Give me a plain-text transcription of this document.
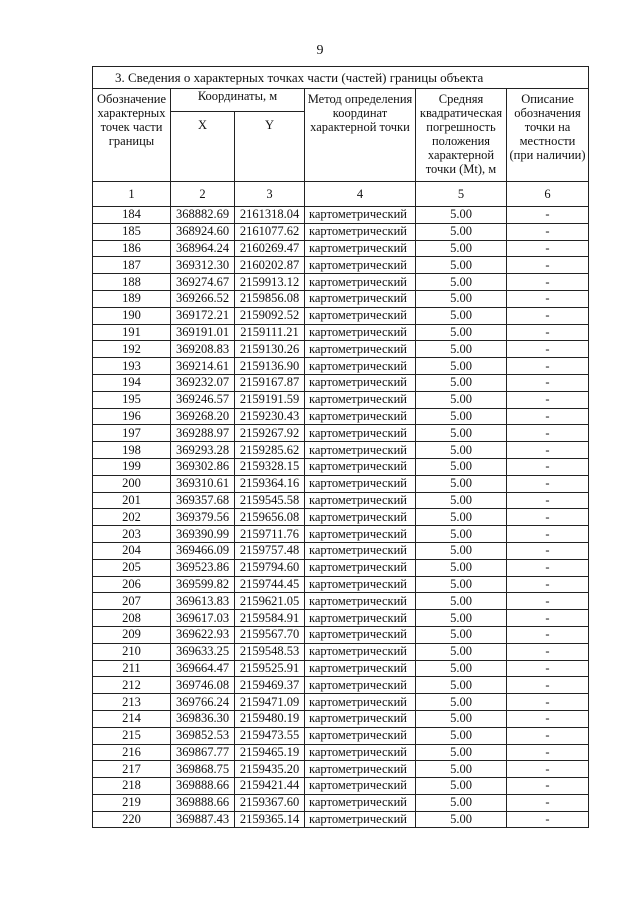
9
3. Сведения о характерных точках части (частей) границы объекта					
Обозначение характерных точек части границы	Координаты, м		Метод определения координат характерной точки	Средняя квадратическая погрешность положения характерной точки (Mt), м	Описание обозначения точки на местности (при наличии)
	X	Y			
1	2	3	4	5	6
184	368882.69	2161318.04	картометрический	5.00	-
185	368924.60	2161077.62	картометрический	5.00	-
186	368964.24	2160269.47	картометрический	5.00	-
187	369312.30	2160202.87	картометрический	5.00	-
188	369274.67	2159913.12	картометрический	5.00	-
189	369266.52	2159856.08	картометрический	5.00	-
190	369172.21	2159092.52	картометрический	5.00	-
191	369191.01	2159111.21	картометрический	5.00	-
192	369208.83	2159130.26	картометрический	5.00	-
193	369214.61	2159136.90	картометрический	5.00	-
194	369232.07	2159167.87	картометрический	5.00	-
195	369246.57	2159191.59	картометрический	5.00	-
196	369268.20	2159230.43	картометрический	5.00	-
197	369288.97	2159267.92	картометрический	5.00	-
198	369293.28	2159285.62	картометрический	5.00	-
199	369302.86	2159328.15	картометрический	5.00	-
200	369310.61	2159364.16	картометрический	5.00	-
201	369357.68	2159545.58	картометрический	5.00	-
202	369379.56	2159656.08	картометрический	5.00	-
203	369390.99	2159711.76	картометрический	5.00	-
204	369466.09	2159757.48	картометрический	5.00	-
205	369523.86	2159794.60	картометрический	5.00	-
206	369599.82	2159744.45	картометрический	5.00	-
207	369613.83	2159621.05	картометрический	5.00	-
208	369617.03	2159584.91	картометрический	5.00	-
209	369622.93	2159567.70	картометрический	5.00	-
210	369633.25	2159548.53	картометрический	5.00	-
211	369664.47	2159525.91	картометрический	5.00	-
212	369746.08	2159469.37	картометрический	5.00	-
213	369766.24	2159471.09	картометрический	5.00	-
214	369836.30	2159480.19	картометрический	5.00	-
215	369852.53	2159473.55	картометрический	5.00	-
216	369867.77	2159465.19	картометрический	5.00	-
217	369868.75	2159435.20	картометрический	5.00	-
218	369888.66	2159421.44	картометрический	5.00	-
219	369888.66	2159367.60	картометрический	5.00	-
220	369887.43	2159365.14	картометрический	5.00	-
